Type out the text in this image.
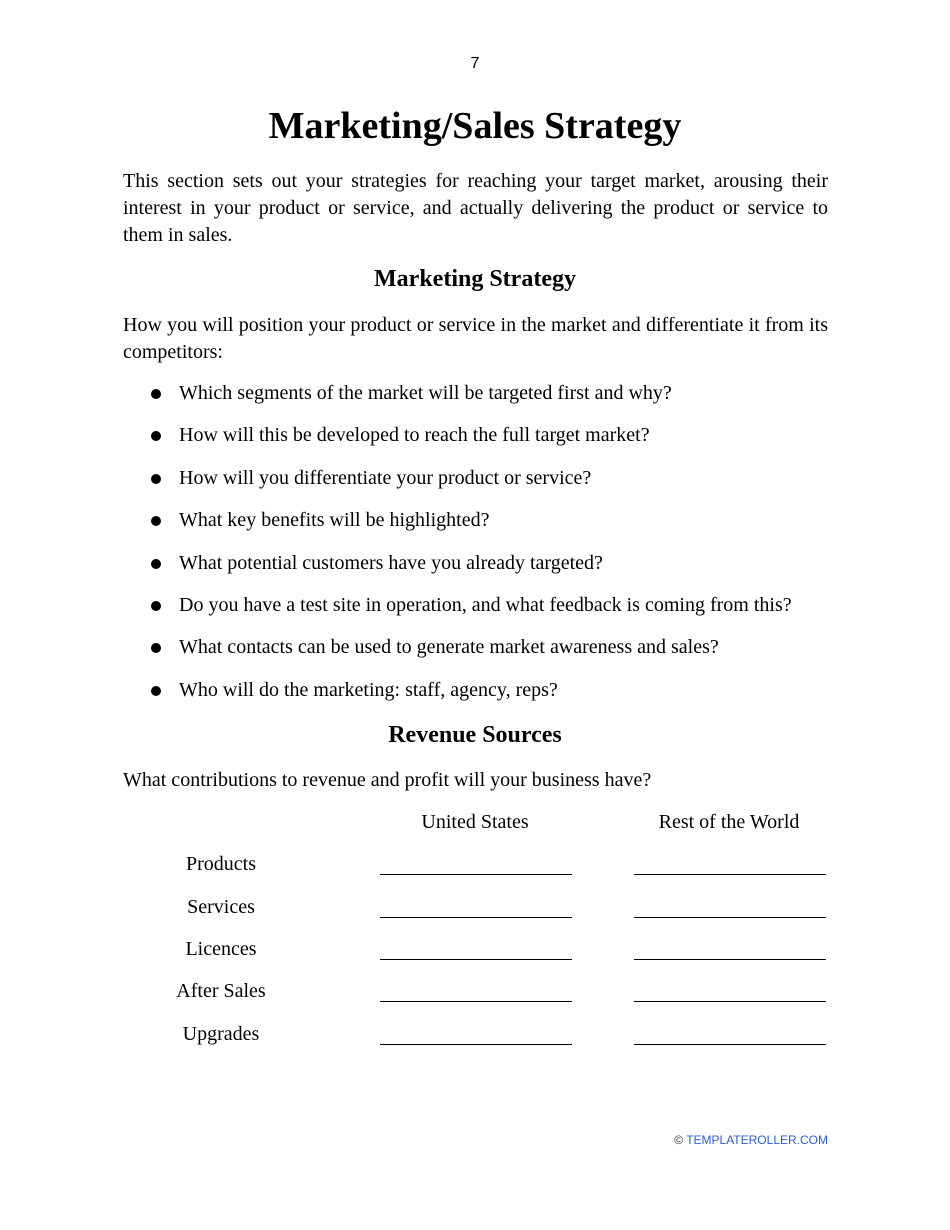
7
Marketing/Sales Strategy

This section sets out your strategies for reaching your target market, arousing their interest in your product or service, and actually delivering the product or service to them in sales.

Marketing Strategy

How you will position your product or service in the market and differentiate it from its competitors:

Which segments of the market will be targeted first and why?
How will this be developed to reach the full target market?
How will you differentiate your product or service?
What key benefits will be highlighted?
What potential customers have you already targeted?
Do you have a test site in operation, and what feedback is coming from this?
What contacts can be used to generate market awareness and sales?
Who will do the marketing: staff, agency, reps?
Revenue Sources

What contributions to revenue and profit will your business have?

United States	Rest of the World
Products
Services
Licences
After Sales
Upgrades
© TEMPLATEROLLER.COM
